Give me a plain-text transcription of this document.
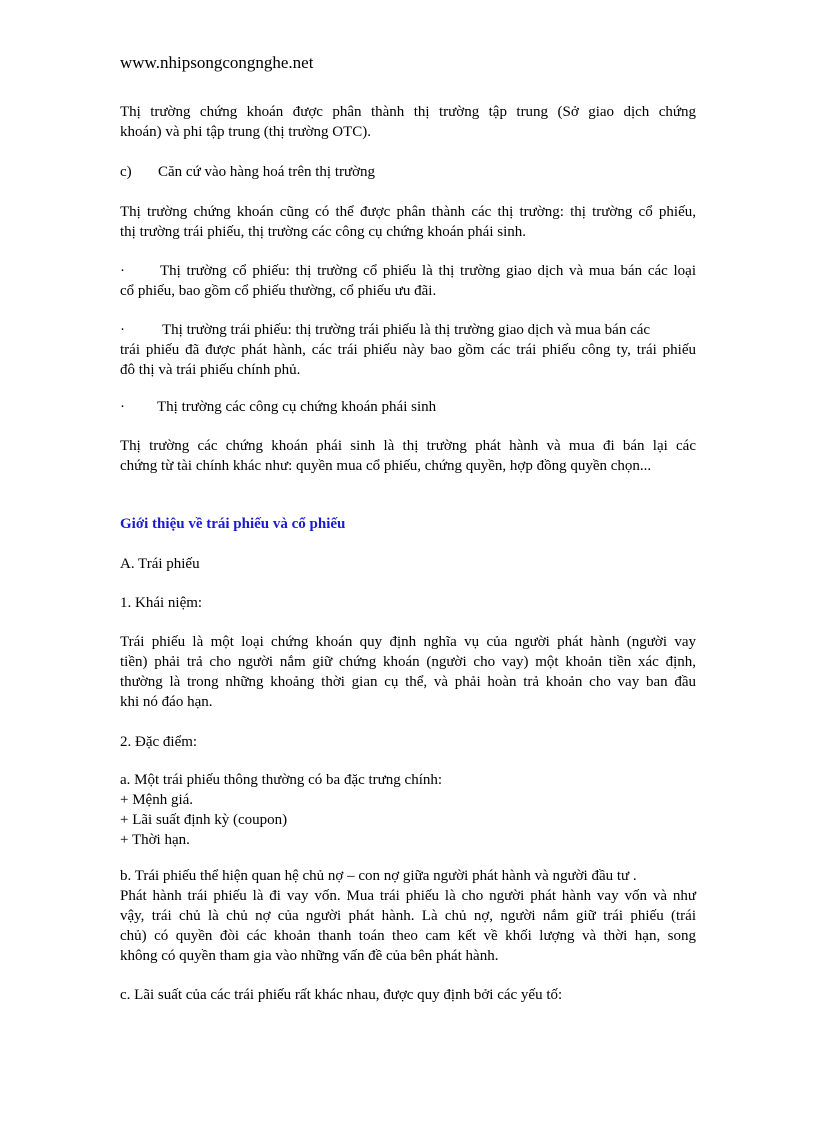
www.nhipsongcongnghe.net
Thị trường chứng khoán được phân thành thị trường tập trung (Sở giao dịch chứng
khoán) và phi tập trung (thị trường OTC).
c) Căn cứ vào hàng hoá trên thị trường
Thị trường chứng khoán cũng có thể được phân thành các thị trường: thị trường cổ phiếu,
thị trường trái phiếu, thị trường các công cụ chứng khoán phái sinh.
· Thị trường cổ phiếu: thị trường cổ phiếu là thị trường giao dịch và mua bán các loại
cổ phiếu, bao gồm cổ phiếu thường, cổ phiếu ưu đãi.
· Thị trường trái phiếu: thị trường trái phiếu là thị trường giao dịch và mua bán các
trái phiếu đã được phát hành, các trái phiếu này bao gồm các trái phiếu công ty, trái phiếu
đô thị và trái phiếu chính phủ.
· Thị trường các công cụ chứng khoán phái sinh
Thị trường các chứng khoán phái sinh là thị trường phát hành và mua đi bán lại các
chứng từ tài chính khác như: quyền mua cổ phiếu, chứng quyền, hợp đồng quyền chọn...
Giới thiệu về trái phiếu và cổ phiếu
A. Trái phiếu
1. Khái niệm:
Trái phiếu là một loại chứng khoán quy định nghĩa vụ của người phát hành (người vay
tiền) phải trả cho người nắm giữ chứng khoán (người cho vay) một khoản tiền xác định,
thường là trong những khoảng thời gian cụ thể, và phải hoàn trả khoản cho vay ban đầu
khi nó đáo hạn.
2. Đặc điểm:
a. Một trái phiếu thông thường có ba đặc trưng chính:
+ Mệnh giá.
+ Lãi suất định kỳ (coupon)
+ Thời hạn.
b. Trái phiếu thể hiện quan hệ chủ nợ – con nợ giữa người phát hành và người đầu tư .
Phát hành trái phiếu là đi vay vốn. Mua trái phiếu là cho người phát hành vay vốn và như
vậy, trái chủ là chủ nợ của người phát hành. Là chủ nợ, người nắm giữ trái phiếu (trái
chủ) có quyền đòi các khoản thanh toán theo cam kết về khối lượng và thời hạn, song
không có quyền tham gia vào những vấn đề của bên phát hành.
c. Lãi suất của các trái phiếu rất khác nhau, được quy định bởi các yếu tố:
